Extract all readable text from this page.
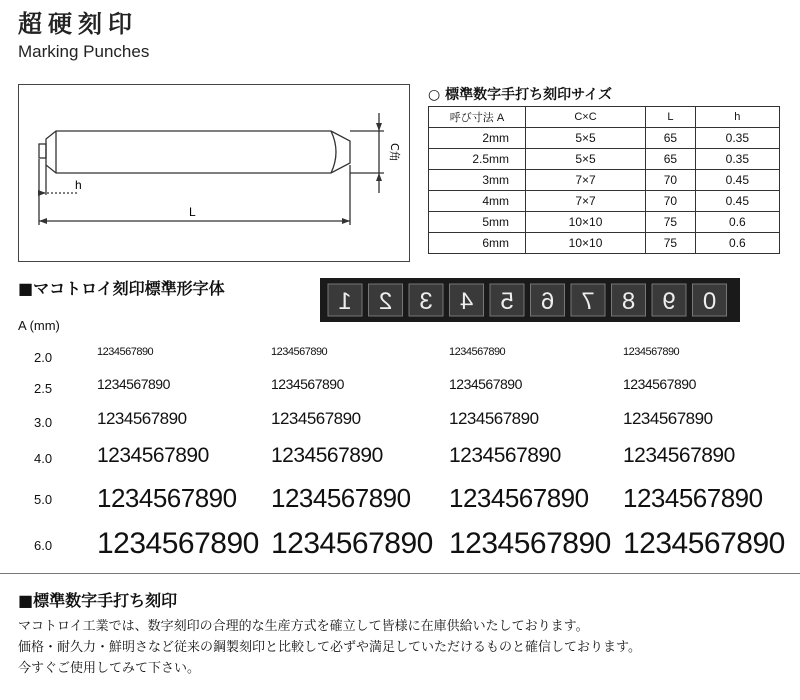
超硬刻印
Marking Punches
h
L
C角
○ 標準数字手打ち刻印サイズ
呼び寸法 A	C×C	L	h
2mm	5×5	65	0.35
2.5mm	5×5	65	0.35
3mm	7×7	70	0.45
4mm	7×7	70	0.45
5mm	10×10	75	0.6
6mm	10×10	75	0.6
■マコトロイ刻印標準形字体	1 2 3 4 5 6 7 8 9 0
A (mm)
2.0	1234567890	1234567890	1234567890	1234567890
2.5	1234567890	1234567890	1234567890	1234567890
3.0	1234567890	1234567890	1234567890	1234567890
4.0 1234567890	1234567890	1234567890	1234567890
5.0 1234567890 1234567890 1234567890 1234567890
6.0 1234567890 1234567890 1234567890 1234567890
■標準数字手打ち刻印
マコトロイ工業では、数字刻印の合理的な生産方式を確立して皆様に在庫供給いたしております。
価格・耐久力・鮮明さなど従来の鋼製刻印と比較して必ずや満足していただけるものと確信しております。
今すぐご使用してみて下さい。
